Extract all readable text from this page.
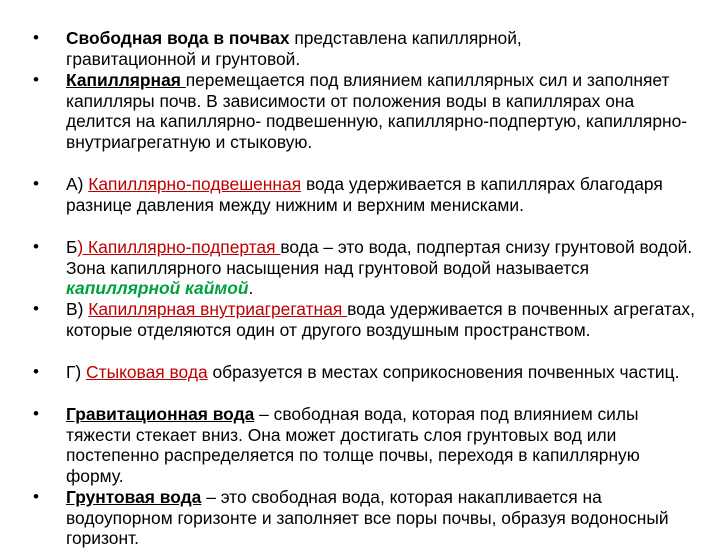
• Свободная вода в почвах представлена капиллярной,
гравитационной и грунтовой.
• Капиллярная перемещается под влиянием капиллярных сил и заполняет капилляры почв. В зависимости от положения воды в капиллярах она делится на капиллярно- подвешенную, капиллярно-подпертую, капиллярно-внутриагрегатную и стыковую.
• А) Капиллярно-подвешенная вода удерживается в капиллярах благодаря разнице давления между нижним и верхним менисками.
• Б) Капиллярно-подпертая вода – это вода, подпертая снизу грунтовой водой. Зона капиллярного насыщения над грунтовой водой называется капиллярной каймой.
• В) Капиллярная внутриагрегатная вода удерживается в почвенных агрегатах, которые отделяются один от другого воздушным пространством.
• Г) Стыковая вода образуется в местах соприкосновения почвенных частиц.
• Гравитационная вода – свободная вода, которая под влиянием силы тяжести стекает вниз. Она может достигать слоя грунтовых вод или постепенно распределяется по толще почвы, переходя в капиллярную форму.
• Грунтовая вода – это свободная вода, которая накапливается на водоупорном горизонте и заполняет все поры почвы, образуя водоносный горизонт.
